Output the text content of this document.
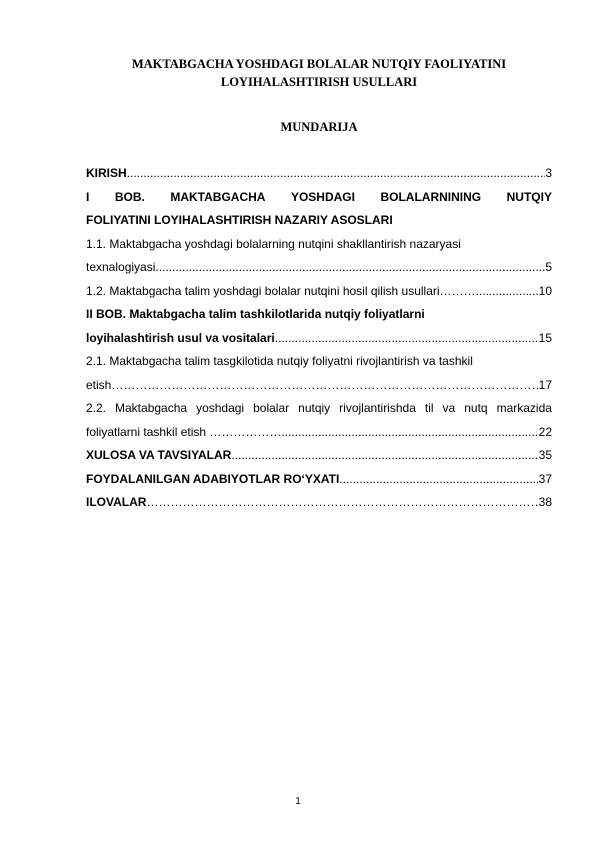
MAKTABGACHA YOSHDAGI BOLALAR NUTQIY FAOLIYATINI
LOYIHALASHTIRISH USULLARI
MUNDARIJA
KIRISH .....	3
I BOB. MAKTABGACHA YOSHDAGI BOLALARNINING NUTQIY
FOLIYATINI LOYIHALASHTIRISH NAZARIY ASOSLARI
1.1. Maktabgacha yoshdagi bolalarning nutqini shakllantirish nazaryasi
texnalogiyasi .....	5
1.2. Maktabgacha talim yoshdagi bolalar nutqini hosil qilish usullari……… .....	10
II BOB. Maktabgacha talim tashkilotlarida nutqiy foliyatlarni
loyihalashtirish usul va vositalari .....	15
2.1. Maktabgacha talim tasgkilotida nutqiy foliyatni rivojlantirish va tashkil
etish …………………………………………………………………………………………………………………………………………………………………………	17
2.2. Maktabgacha yoshdagi bolalar nutqiy rivojlantirishda til va nutq markazida
foliyatlarni tashkil etish ……………… .....	22
XULOSA VA TAVSIYALAR .....	35
FOYDALANILGAN ADABIYOTLAR RO‘YXATI .....	37
ILOVALAR …………………………………………………………………………………………………………………………………………………………………………	38
1
